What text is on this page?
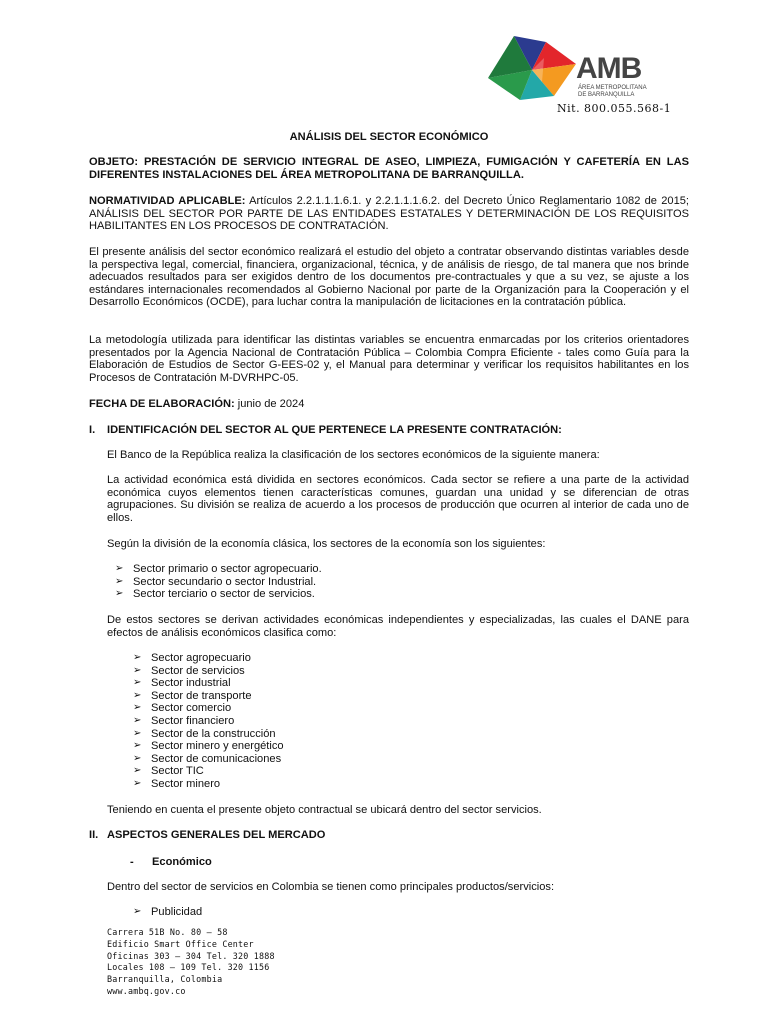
AMB
ÁREA METROPOLITANA
DE BARRANQUILLA
Nit. 800.055.568-1

ANÁLISIS DEL SECTOR ECONÓMICO

OBJETO: PRESTACIÓN DE SERVICIO INTEGRAL DE ASEO, LIMPIEZA, FUMIGACIÓN Y CAFETERÍA EN LAS DIFERENTES INSTALACIONES DEL ÁREA METROPOLITANA DE BARRANQUILLA.

NORMATIVIDAD APLICABLE: Artículos 2.2.1.1.1.6.1. y 2.2.1.1.1.6.2. del Decreto Único Reglamentario 1082 de 2015; ANÁLISIS DEL SECTOR POR PARTE DE LAS ENTIDADES ESTATALES Y DETERMINACIÓN DE LOS REQUISITOS HABILITANTES EN LOS PROCESOS DE CONTRATACIÓN.

El presente análisis del sector económico realizará el estudio del objeto a contratar observando distintas variables desde la perspectiva legal, comercial, financiera, organizacional, técnica, y de análisis de riesgo, de tal manera que nos brinde adecuados resultados para ser exigidos dentro de los documentos pre-contractuales y que a su vez, se ajuste a los estándares internacionales recomendados al Gobierno Nacional por parte de la Organización para la Cooperación y el Desarrollo Económicos (OCDE), para luchar contra la manipulación de licitaciones en la contratación pública.

La metodología utilizada para identificar las distintas variables se encuentra enmarcadas por los criterios orientadores presentados por la Agencia Nacional de Contratación Pública – Colombia Compra Eficiente - tales como Guía para la Elaboración de Estudios de Sector G-EES-02 y, el Manual para determinar y verificar los requisitos habilitantes en los Procesos de Contratación M-DVRHPC-05.

FECHA DE ELABORACIÓN: junio de 2024

I. IDENTIFICACIÓN DEL SECTOR AL QUE PERTENECE LA PRESENTE CONTRATACIÓN:

El Banco de la República realiza la clasificación de los sectores económicos de la siguiente manera:

La actividad económica está dividida en sectores económicos. Cada sector se refiere a una parte de la actividad económica cuyos elementos tienen características comunes, guardan una unidad y se diferencian de otras agrupaciones. Su división se realiza de acuerdo a los procesos de producción que ocurren al interior de cada uno de ellos.

Según la división de la economía clásica, los sectores de la economía son los siguientes:

➢ Sector primario o sector agropecuario.
➢ Sector secundario o sector Industrial.
➢ Sector terciario o sector de servicios.

De estos sectores se derivan actividades económicas independientes y especializadas, las cuales el DANE para efectos de análisis económicos clasifica como:

➢ Sector agropecuario
➢ Sector de servicios
➢ Sector industrial
➢ Sector de transporte
➢ Sector comercio
➢ Sector financiero
➢ Sector de la construcción
➢ Sector minero y energético
➢ Sector de comunicaciones
➢ Sector TIC
➢ Sector minero

Teniendo en cuenta el presente objeto contractual se ubicará dentro del sector servicios.

II. ASPECTOS GENERALES DEL MERCADO
- Económico

Dentro del sector de servicios en Colombia se tienen como principales productos/servicios:

➢ Publicidad
Carrera 51B No. 80 – 58
Edificio Smart Office Center
Oficinas 303 – 304 Tel. 320 1888
Locales 108 – 109 Tel. 320 1156
Barranquilla, Colombia
www.ambq.gov.co
